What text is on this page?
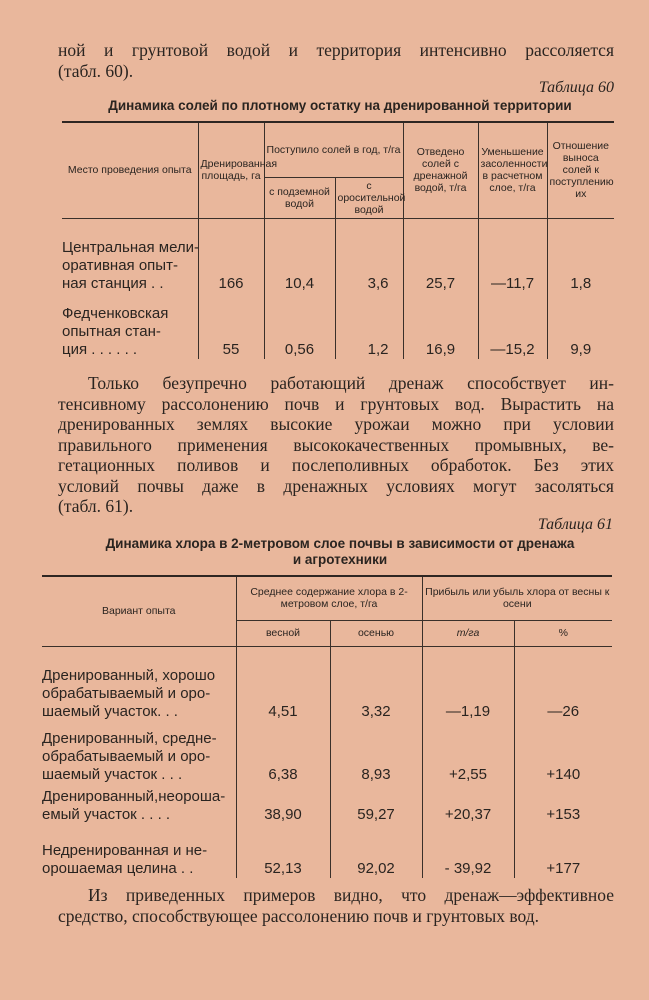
ной и грунтовой водой и территория интенсивно рассоляется
(табл. 60).
Таблица 60
Динамика солей по плотному остатку на дренированной территории
Место проведения опыта	Дренированная площадь, га	Поступило солей в год, т/га		Отведено солей с дренажной водой, т/га	Уменьшение засоленности в расчетном слое, т/га	Отношение выноса солей к поступлению их
		с подземной водой	с оросительной водой			

Центральная мели-
оративная опыт-
ная станция . .	166	10,4	3,6	25,7	—11,7	1,8

Федченковская
опытная стан-
ция . . . . . .	55	0,56	1,2	16,9	—15,2	9,9
Только безупречно работающий дренаж способствует ин-
тенсивному рассолонению почв и грунтовых вод. Вырастить на
дренированных землях высокие урожаи можно при условии
правильного применения высококачественных промывных, ве-
гетационных поливов и послеполивных обработок. Без этих
условий почвы даже в дренажных условиях могут засоляться
(табл. 61).
Таблица 61
Динамика хлора в 2-метровом слое почвы в зависимости от дренажа
и агротехники
Вариант опыта	Среднее содержание хлора в 2-метровом слое, т/га		Прибыль или убыль хлора от весны к осени	
	весной	осенью	т/га	%

Дренированный, хорошо
обрабатываемый и оро-
шаемый участок. . .	4,51	3,32	—1,19	—26

Дренированный, средне-
обрабатываемый и оро-
шаемый участок . . .	6,38	8,93	+2,55	+140

Дренированный,неороша-
емый участок . . . .	38,90	59,27	+20,37	+153

Недренированная и не-
орошаемая целина . .	52,13	92,02	- 39,92	+177
Из приведенных примеров видно, что дренаж—эффективное
средство, способствующее рассолонению почв и грунтовых вод.
